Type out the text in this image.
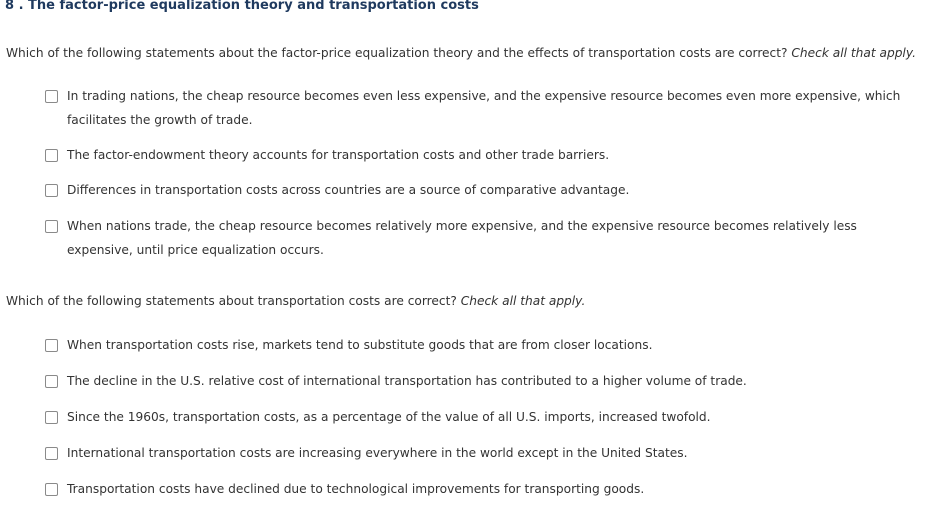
8 . The factor-price equalization theory and transportation costs
Which of the following statements about the factor-price equalization theory and the effects of transportation costs are correct? Check all that apply.
In trading nations, the cheap resource becomes even less expensive, and the expensive resource becomes even more expensive, which facilitates the growth of trade.
The factor-endowment theory accounts for transportation costs and other trade barriers.
Differences in transportation costs across countries are a source of comparative advantage.
When nations trade, the cheap resource becomes relatively more expensive, and the expensive resource becomes relatively less expensive, until price equalization occurs.
Which of the following statements about transportation costs are correct? Check all that apply.
When transportation costs rise, markets tend to substitute goods that are from closer locations.
The decline in the U.S. relative cost of international transportation has contributed to a higher volume of trade.
Since the 1960s, transportation costs, as a percentage of the value of all U.S. imports, increased twofold.
International transportation costs are increasing everywhere in the world except in the United States.
Transportation costs have declined due to technological improvements for transporting goods.
